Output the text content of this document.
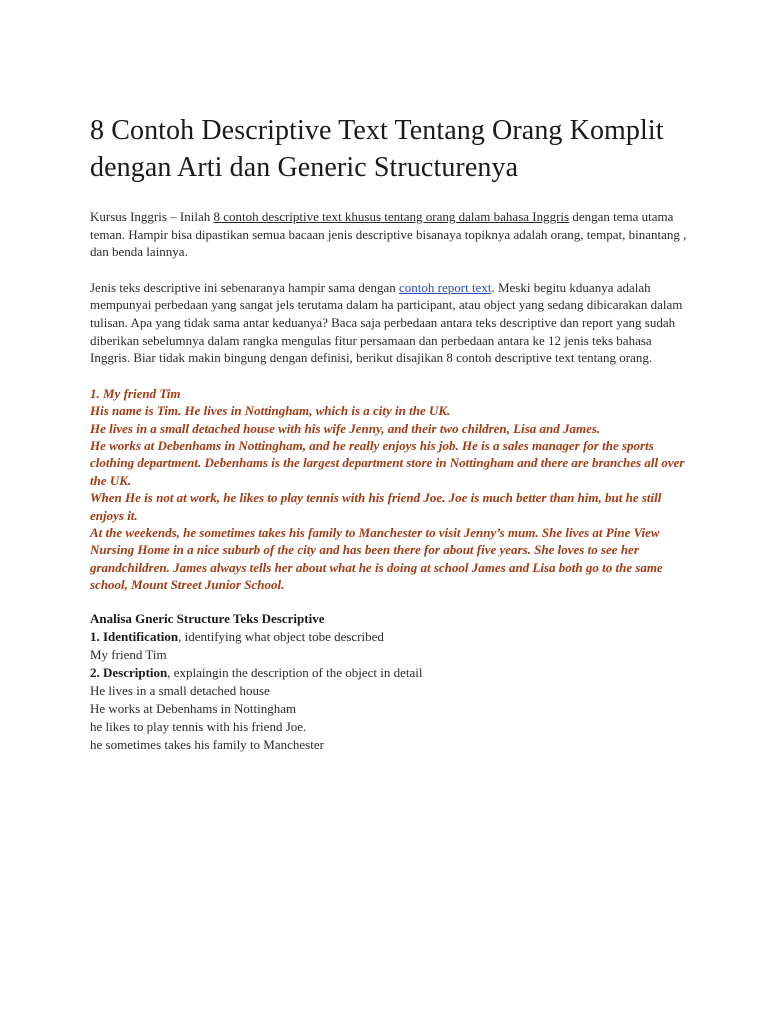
8 Contoh Descriptive Text Tentang Orang Komplit dengan Arti dan Generic Structurenya

Kursus Inggris – Inilah 8 contoh descriptive text khusus tentang orang dalam bahasa Inggris dengan tema utama teman. Hampir bisa dipastikan semua bacaan jenis descriptive bisanaya topiknya adalah orang, tempat, binantang , dan benda lainnya.

Jenis teks descriptive ini sebenaranya hampir sama dengan contoh report text. Meski begitu kduanya adalah mempunyai perbedaan yang sangat jels terutama dalam ha participant, atau object yang sedang dibicarakan dalam tulisan. Apa yang tidak sama antar keduanya? Baca saja perbedaan antara teks descriptive dan report yang sudah diberikan sebelumnya dalam rangka mengulas fitur persamaan dan perbedaan antara ke 12 jenis teks bahasa Inggris. Biar tidak makin bingung dengan definisi, berikut disajikan 8 contoh descriptive text tentang orang.

1. My friend Tim
His name is Tim. He lives in Nottingham, which is a city in the UK.
He lives in a small detached house with his wife Jenny, and their two children, Lisa and James.
He works at Debenhams in Nottingham, and he really enjoys his job. He is a sales manager for the sports clothing department. Debenhams is the largest department store in Nottingham and there are branches all over the UK.
When He is not at work, he likes to play tennis with his friend Joe. Joe is much better than him, but he still enjoys it.
At the weekends, he sometimes takes his family to Manchester to visit Jenny’s mum. She lives at Pine View Nursing Home in a nice suburb of the city and has been there for about five years. She loves to see her grandchildren. James always tells her about what he is doing at school James and Lisa both go to the same school, Mount Street Junior School.
Analisa Gneric Structure Teks Descriptive
1. Identification, identifying what object tobe described
My friend Tim
2. Description, explaingin the description of the object in detail
He lives in a small detached house
He works at Debenhams in Nottingham
he likes to play tennis with his friend Joe.
he sometimes takes his family to Manchester
